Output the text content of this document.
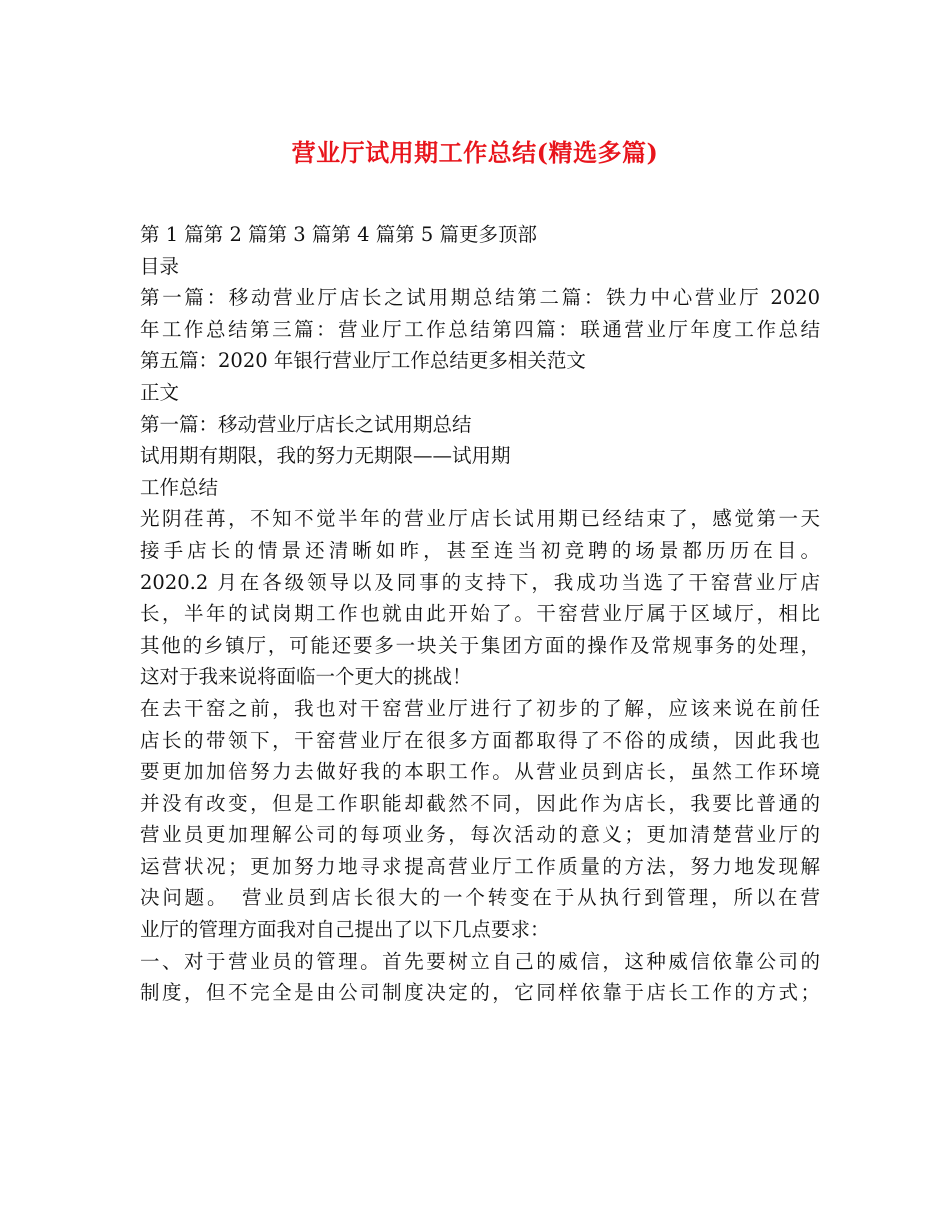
营业厅试用期工作总结(精选多篇)
第 1 篇第 2 篇第 3 篇第 4 篇第 5 篇更多顶部
目录
第一篇：移动营业厅店长之试用期总结第二篇：铁力中心营业厅 2020
年工作总结第三篇：营业厅工作总结第四篇：联通营业厅年度工作总结
第五篇：2020 年银行营业厅工作总结更多相关范文
正文
第一篇：移动营业厅店长之试用期总结
试用期有期限，我的努力无期限——试用期
工作总结
光阴荏苒，不知不觉半年的营业厅店长试用期已经结束了，感觉第一天
接手店长的情景还清晰如昨，甚至连当初竞聘的场景都历历在目。
2020.2 月在各级领导以及同事的支持下，我成功当选了干窑营业厅店
长，半年的试岗期工作也就由此开始了。干窑营业厅属于区域厅，相比
其他的乡镇厅，可能还要多一块关于集团方面的操作及常规事务的处理，
这对于我来说将面临一个更大的挑战！
在去干窑之前，我也对干窑营业厅进行了初步的了解，应该来说在前任
店长的带领下，干窑营业厅在很多方面都取得了不俗的成绩，因此我也
要更加加倍努力去做好我的本职工作。从营业员到店长，虽然工作环境
并没有改变，但是工作职能却截然不同，因此作为店长，我要比普通的
营业员更加理解公司的每项业务，每次活动的意义；更加清楚营业厅的
运营状况；更加努力地寻求提高营业厅工作质量的方法，努力地发现解
决问题。　营业员到店长很大的一个转变在于从执行到管理，所以在营
业厅的管理方面我对自己提出了以下几点要求：
一、对于营业员的管理。首先要树立自己的威信，这种威信依靠公司的
制度，但不完全是由公司制度决定的，它同样依靠于店长工作的方式；
